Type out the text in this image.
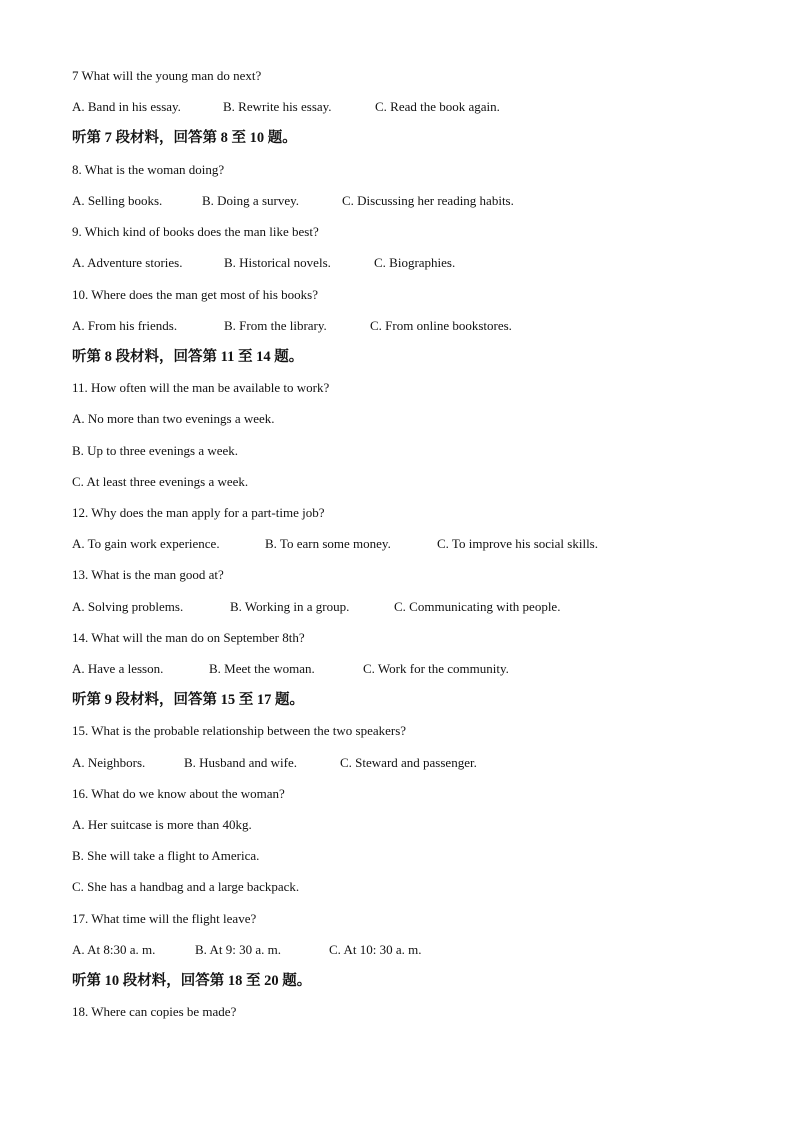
7 What will the young man do next?
A. Band in his essay.	B. Rewrite his essay.	C. Read the book again.
听第 7 段材料，回答第 8 至 10 题。
8. What is the woman doing?
A. Selling books.	B. Doing a survey.	C. Discussing her reading habits.
9. Which kind of books does the man like best?
A. Adventure stories.	B. Historical novels.	C. Biographies.
10. Where does the man get most of his books?
A. From his friends.	B. From the library.	C. From online bookstores.
听第 8 段材料，回答第 11 至 14 题。
11. How often will the man be available to work?
A. No more than two evenings a week.
B. Up to three evenings a week.
C. At least three evenings a week.
12. Why does the man apply for a part-time job?
A. To gain work experience.	B. To earn some money.	C. To improve his social skills.
13. What is the man good at?
A. Solving problems.	B. Working in a group.	C. Communicating with people.
14. What will the man do on September 8th?
A. Have a lesson.	B. Meet the woman.	C. Work for the community.
听第 9 段材料，回答第 15 至 17 题。
15. What is the probable relationship between the two speakers?
A. Neighbors.	B. Husband and wife.	C. Steward and passenger.
16. What do we know about the woman?
A. Her suitcase is more than 40kg.
B. She will take a flight to America.
C. She has a handbag and a large backpack.
17. What time will the flight leave?
A. At 8:30 a. m.	B. At 9: 30 a. m.	C. At 10: 30 a. m.
听第 10 段材料，回答第 18 至 20 题。
18. Where can copies be made?
